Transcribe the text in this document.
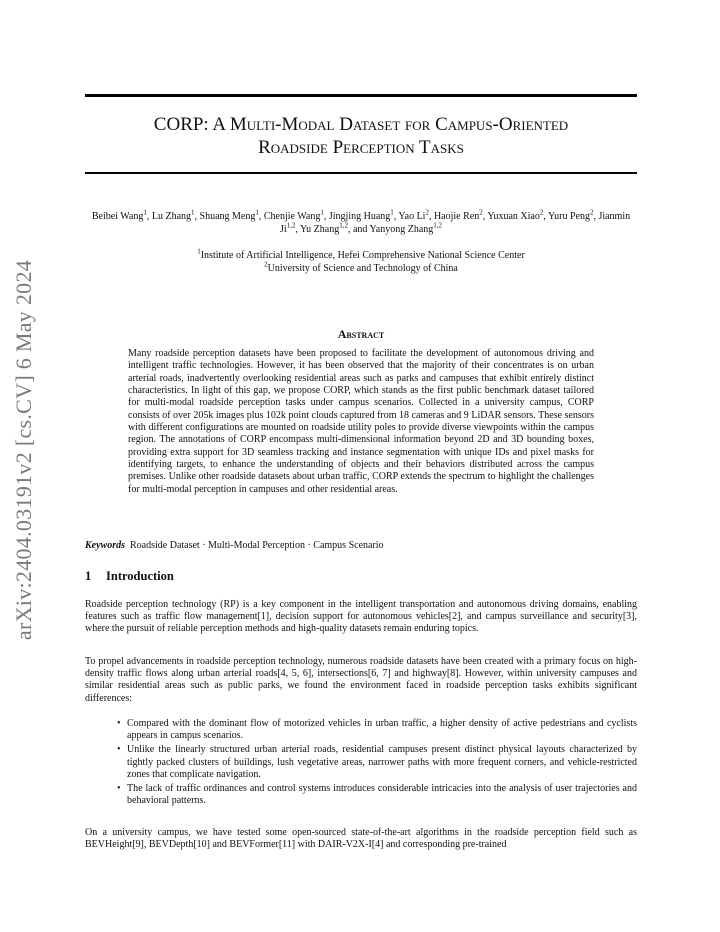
arXiv:2404.03191v2 [cs.CV] 6 May 2024
CORP: A Multi-Modal Dataset for Campus-Oriented
Roadside Perception Tasks
Beibei Wang$^1$, Lu Zhang$^1$, Shuang Meng$^1$, Chenjie Wang$^1$, Jingjing Huang$^1$, Yao Li$^2$, Haojie Ren$^2$, Yuxuan Xiao$^2$, Yuru Peng$^2$, Jianmin Ji$^{1,2}$, Yu Zhang$^{1,2}$, and Yanyong Zhang$^{1,2}$
$^1$Institute of Artificial Intelligence, Hefei Comprehensive National Science Center
$^2$University of Science and Technology of China
Abstract
Many roadside perception datasets have been proposed to facilitate the development of autonomous driving and intelligent traffic technologies. However, it has been observed that the majority of their concentrates is on urban arterial roads, inadvertently overlooking residential areas such as parks and campuses that exhibit entirely distinct characteristics. In light of this gap, we propose CORP, which stands as the first public benchmark dataset tailored for multi-modal roadside perception tasks under campus scenarios. Collected in a university campus, CORP consists of over 205k images plus 102k point clouds captured from 18 cameras and 9 LiDAR sensors. These sensors with different configurations are mounted on roadside utility poles to provide diverse viewpoints within the campus region. The annotations of CORP encompass multi-dimensional information beyond 2D and 3D bounding boxes, providing extra support for 3D seamless tracking and instance segmentation with unique IDs and pixel masks for identifying targets, to enhance the understanding of objects and their behaviors distributed across the campus premises. Unlike other roadside datasets about urban traffic, CORP extends the spectrum to highlight the challenges for multi-modal perception in campuses and other residential areas.
Keywords Roadside Dataset · Multi-Modal Perception · Campus Scenario
1 Introduction
Roadside perception technology (RP) is a key component in the intelligent transportation and autonomous driving domains, enabling features such as traffic flow management[1], decision support for autonomous vehicles[2], and campus surveillance and security[3], where the pursuit of reliable perception methods and high-quality datasets remain enduring topics.
To propel advancements in roadside perception technology, numerous roadside datasets have been created with a primary focus on high-density traffic flows along urban arterial roads[4, 5, 6], intersections[6, 7] and highway[8]. However, within university campuses and similar residential areas such as public parks, we found the environment faced in roadside perception tasks exhibits significant differences:
• Compared with the dominant flow of motorized vehicles in urban traffic, a higher density of active pedestrians and cyclists appears in campus scenarios.
• Unlike the linearly structured urban arterial roads, residential campuses present distinct physical layouts characterized by tightly packed clusters of buildings, lush vegetative areas, narrower paths with more frequent corners, and vehicle-restricted zones that complicate navigation.
• The lack of traffic ordinances and control systems introduces considerable intricacies into the analysis of user trajectories and behavioral patterns.
On a university campus, we have tested some open-sourced state-of-the-art algorithms in the roadside perception field such as BEVHeight[9], BEVDepth[10] and BEVFormer[11] with DAIR-V2X-I[4] and corresponding pre-trained
